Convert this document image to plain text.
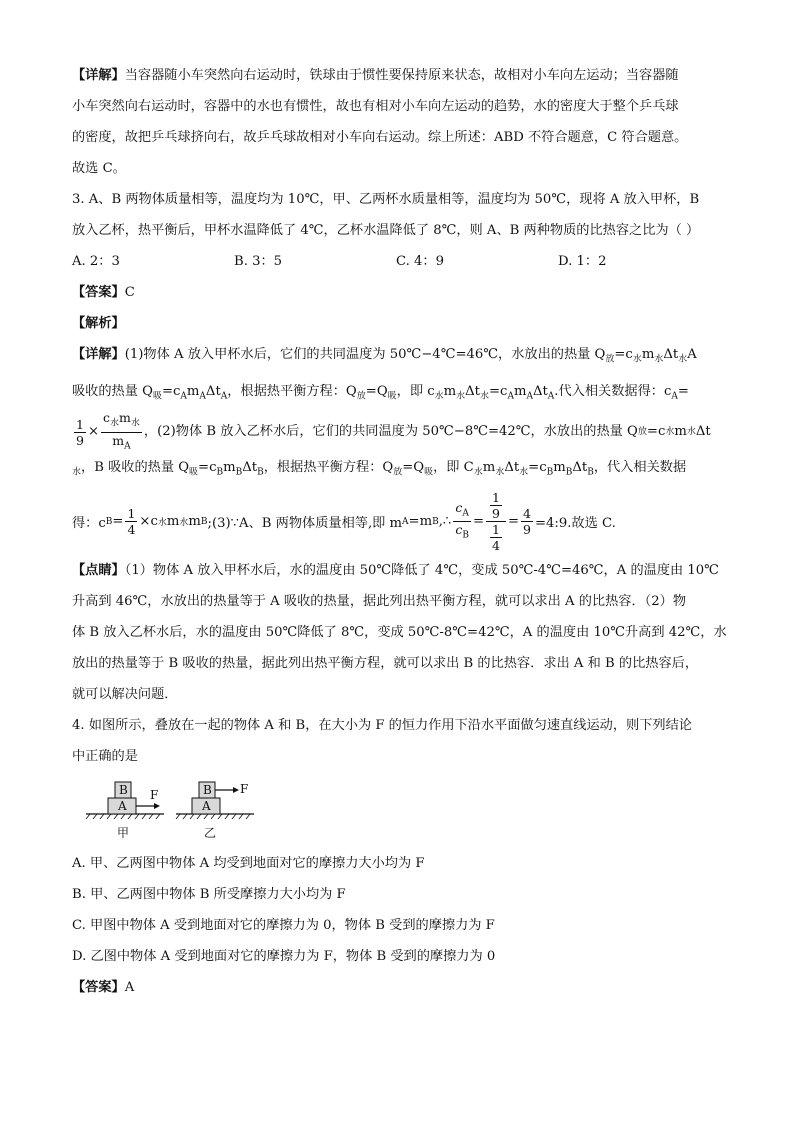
【详解】当容器随小车突然向右运动时，铁球由于惯性要保持原来状态，故相对小车向左运动；当容器随

小车突然向右运动时，容器中的水也有惯性，故也有相对小车向左运动的趋势，水的密度大于整个乒乓球

的密度，故把乒乓球挤向右，故乒乓球故相对小车向右运动。综上所述：ABD 不符合题意，C 符合题意。

故选 C。

3. A、B 两物体质量相等，温度均为 10℃，甲、乙两杯水质量相等，温度均为 50℃，现将 A 放入甲杯，B

放入乙杯，热平衡后，甲杯水温降低了 4℃，乙杯水温降低了 8℃，则 A、B 两种物质的比热容之比为（ ）

A. 2：3	B. 3：5	C. 4：9	D. 1：2

【答案】C

【解析】

【详解】(1)物体 A 放入甲杯水后，它们的共同温度为 50℃−4℃=46℃，水放出的热量 $Q_放=c_水m_水\Delta t_水A$

吸收的热量 $Q_吸=c_Am_A\Delta t_A$，根据热平衡方程：$Q_放=Q_吸$，即 $c_水m_水\Delta t_水=c_Am_A\Delta t_A$.代入相关数据得：$c_A=$

$\frac{1}{9} \times \frac{c_水m_水}{m_A}$ ，(2)物体 B 放入乙杯水后，它们的共同温度为 50℃−8℃=42℃，水放出的热量 Q 放 =c 水 m 水 Δt

$_水$，B 吸收的热量 $Q_吸=c_Bm_B\Delta t_B$，根据热平衡方程：$Q_放=Q_吸$，即 $C_水m_水\Delta t_水=c_Bm_B\Delta t_B$，代入相关数据

得：c $B = \frac{1}{4} \times c$ 水 m 水 m B ;(3)∵A、B 两物体质量相等,即 m A =m B ,∴ $\frac{c_A}{c_B} = \frac{\frac{1}{9}}{\frac{1}{4}} = \frac{4}{9}$ =4:9.故选 C.

【点睛】（1）物体 A 放入甲杯水后，水的温度由 50℃降低了 4℃，变成 50℃-4℃=46℃，A 的温度由 10℃

升高到 46℃，水放出的热量等于 A 吸收的热量，据此列出热平衡方程，就可以求出 A 的比热容．（2）物

体 B 放入乙杯水后，水的温度由 50℃降低了 8℃，变成 50℃-8℃=42℃，A 的温度由 10℃升高到 42℃，水

放出的热量等于 B 吸收的热量，据此列出热平衡方程，就可以求出 B 的比热容．求出 A 和 B 的比热容后，

就可以解决问题．

4. 如图所示，叠放在一起的物体 A 和 B，在大小为 F 的恒力作用下沿水平面做匀速直线运动，则下列结论

中正确的是

A
B F
A
B F
甲	乙

A. 甲、乙两图中物体 A 均受到地面对它的摩擦力大小均为 F

B. 甲、乙两图中物体 B 所受摩擦力大小均为 F

C. 甲图中物体 A 受到地面对它的摩擦力为 0，物体 B 受到的摩擦力为 F

D. 乙图中物体 A 受到地面对它的摩擦力为 F，物体 B 受到的摩擦力为 0

【答案】A
